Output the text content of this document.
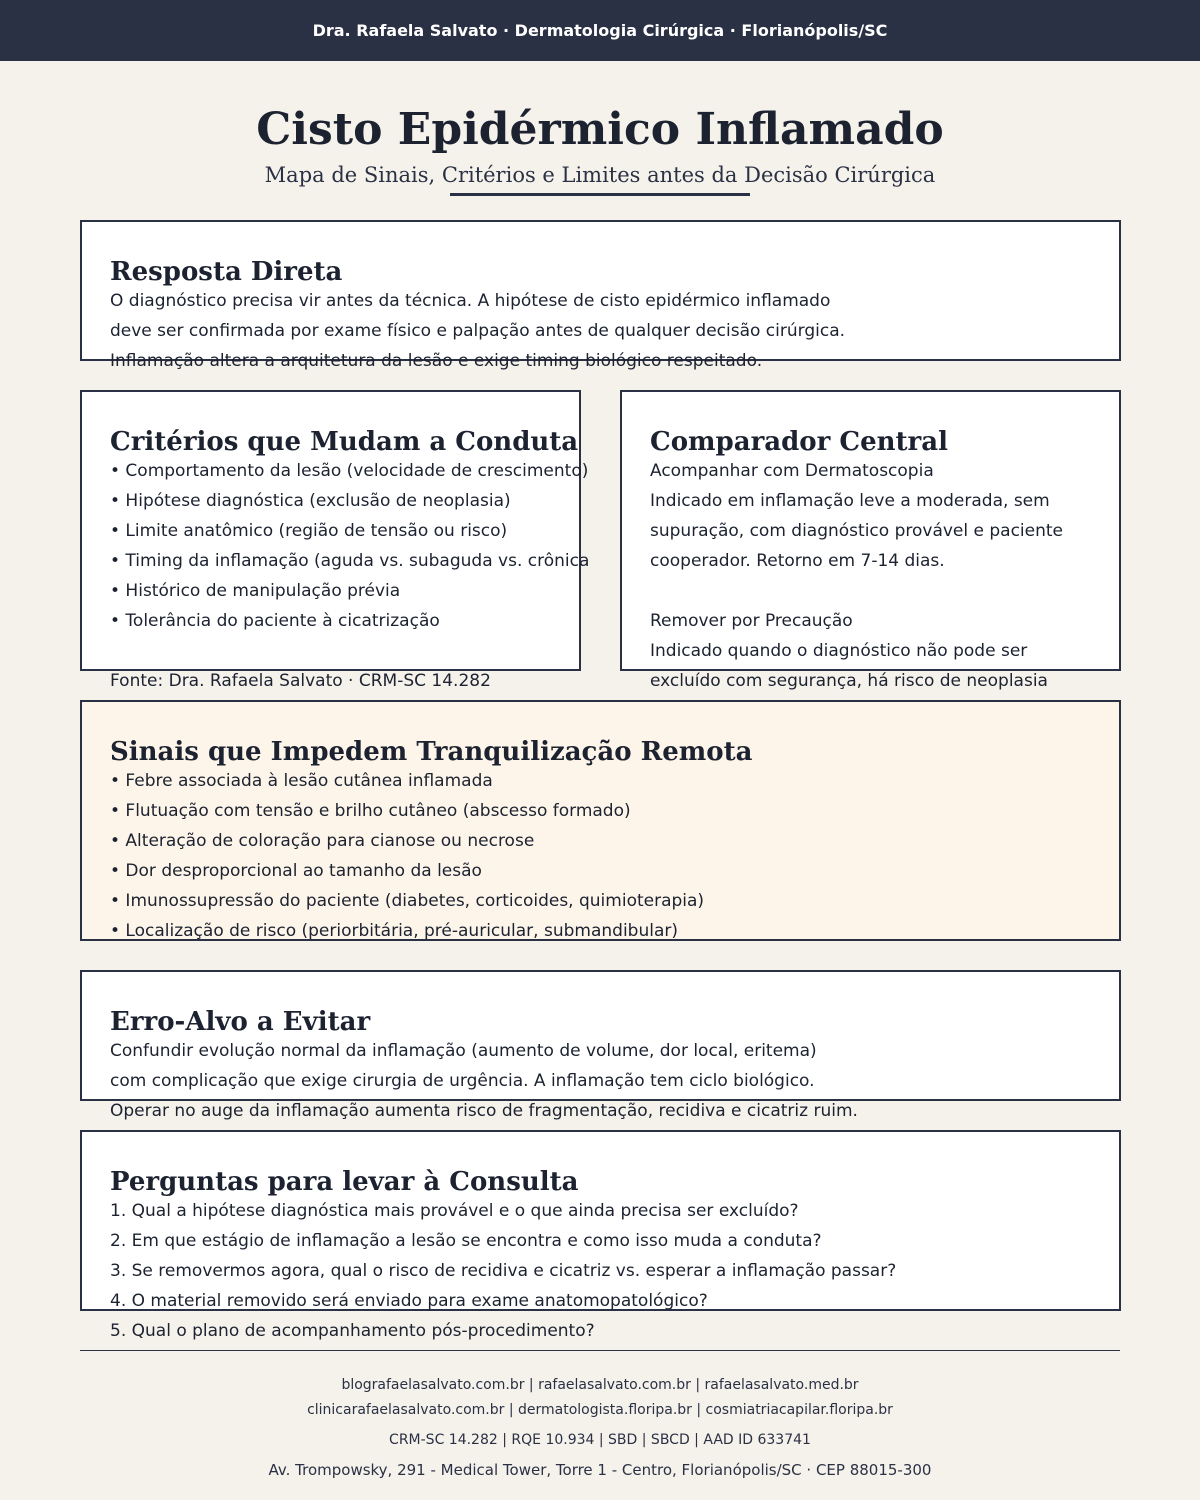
Dra. Rafaela Salvato · Dermatologia Cirúrgica · Florianópolis/SC
Cisto Epidérmico Inflamado
Mapa de Sinais, Critérios e Limites antes da Decisão Cirúrgica
Resposta Direta
O diagnóstico precisa vir antes da técnica. A hipótese de cisto epidérmico inflamado
deve ser confirmada por exame físico e palpação antes de qualquer decisão cirúrgica.
Inflamação altera a arquitetura da lesão e exige timing biológico respeitado.
Critérios que Mudam a Conduta
• Comportamento da lesão (velocidade de crescimento)
• Hipótese diagnóstica (exclusão de neoplasia)
• Limite anatômico (região de tensão ou risco)
• Timing da inflamação (aguda vs. subaguda vs. crônica
• Histórico de manipulação prévia
• Tolerância do paciente à cicatrização
Fonte: Dra. Rafaela Salvato · CRM-SC 14.282
Comparador Central
Acompanhar com Dermatoscopia
Indicado em inflamação leve a moderada, sem
supuração, com diagnóstico provável e paciente
cooperador. Retorno em 7-14 dias.
Remover por Precaução
Indicado quando o diagnóstico não pode ser
excluído com segurança, há risco de neoplasia
Sinais que Impedem Tranquilização Remota
• Febre associada à lesão cutânea inflamada
• Flutuação com tensão e brilho cutâneo (abscesso formado)
• Alteração de coloração para cianose ou necrose
• Dor desproporcional ao tamanho da lesão
• Imunossupressão do paciente (diabetes, corticoides, quimioterapia)
• Localização de risco (periorbitária, pré-auricular, submandibular)
Erro-Alvo a Evitar
Confundir evolução normal da inflamação (aumento de volume, dor local, eritema)
com complicação que exige cirurgia de urgência. A inflamação tem ciclo biológico.
Operar no auge da inflamação aumenta risco de fragmentação, recidiva e cicatriz ruim.
Perguntas para levar à Consulta
1. Qual a hipótese diagnóstica mais provável e o que ainda precisa ser excluído?
2. Em que estágio de inflamação a lesão se encontra e como isso muda a conduta?
3. Se removermos agora, qual o risco de recidiva e cicatriz vs. esperar a inflamação passar?
4. O material removido será enviado para exame anatomopatológico?
5. Qual o plano de acompanhamento pós-procedimento?
blografaelasalvato.com.br | rafaelasalvato.com.br | rafaelasalvato.med.br
clinicarafaelasalvato.com.br | dermatologista.floripa.br | cosmiatriacapilar.floripa.br
CRM-SC 14.282 | RQE 10.934 | SBD | SBCD | AAD ID 633741
Av. Trompowsky, 291 - Medical Tower, Torre 1 - Centro, Florianópolis/SC · CEP 88015-300
